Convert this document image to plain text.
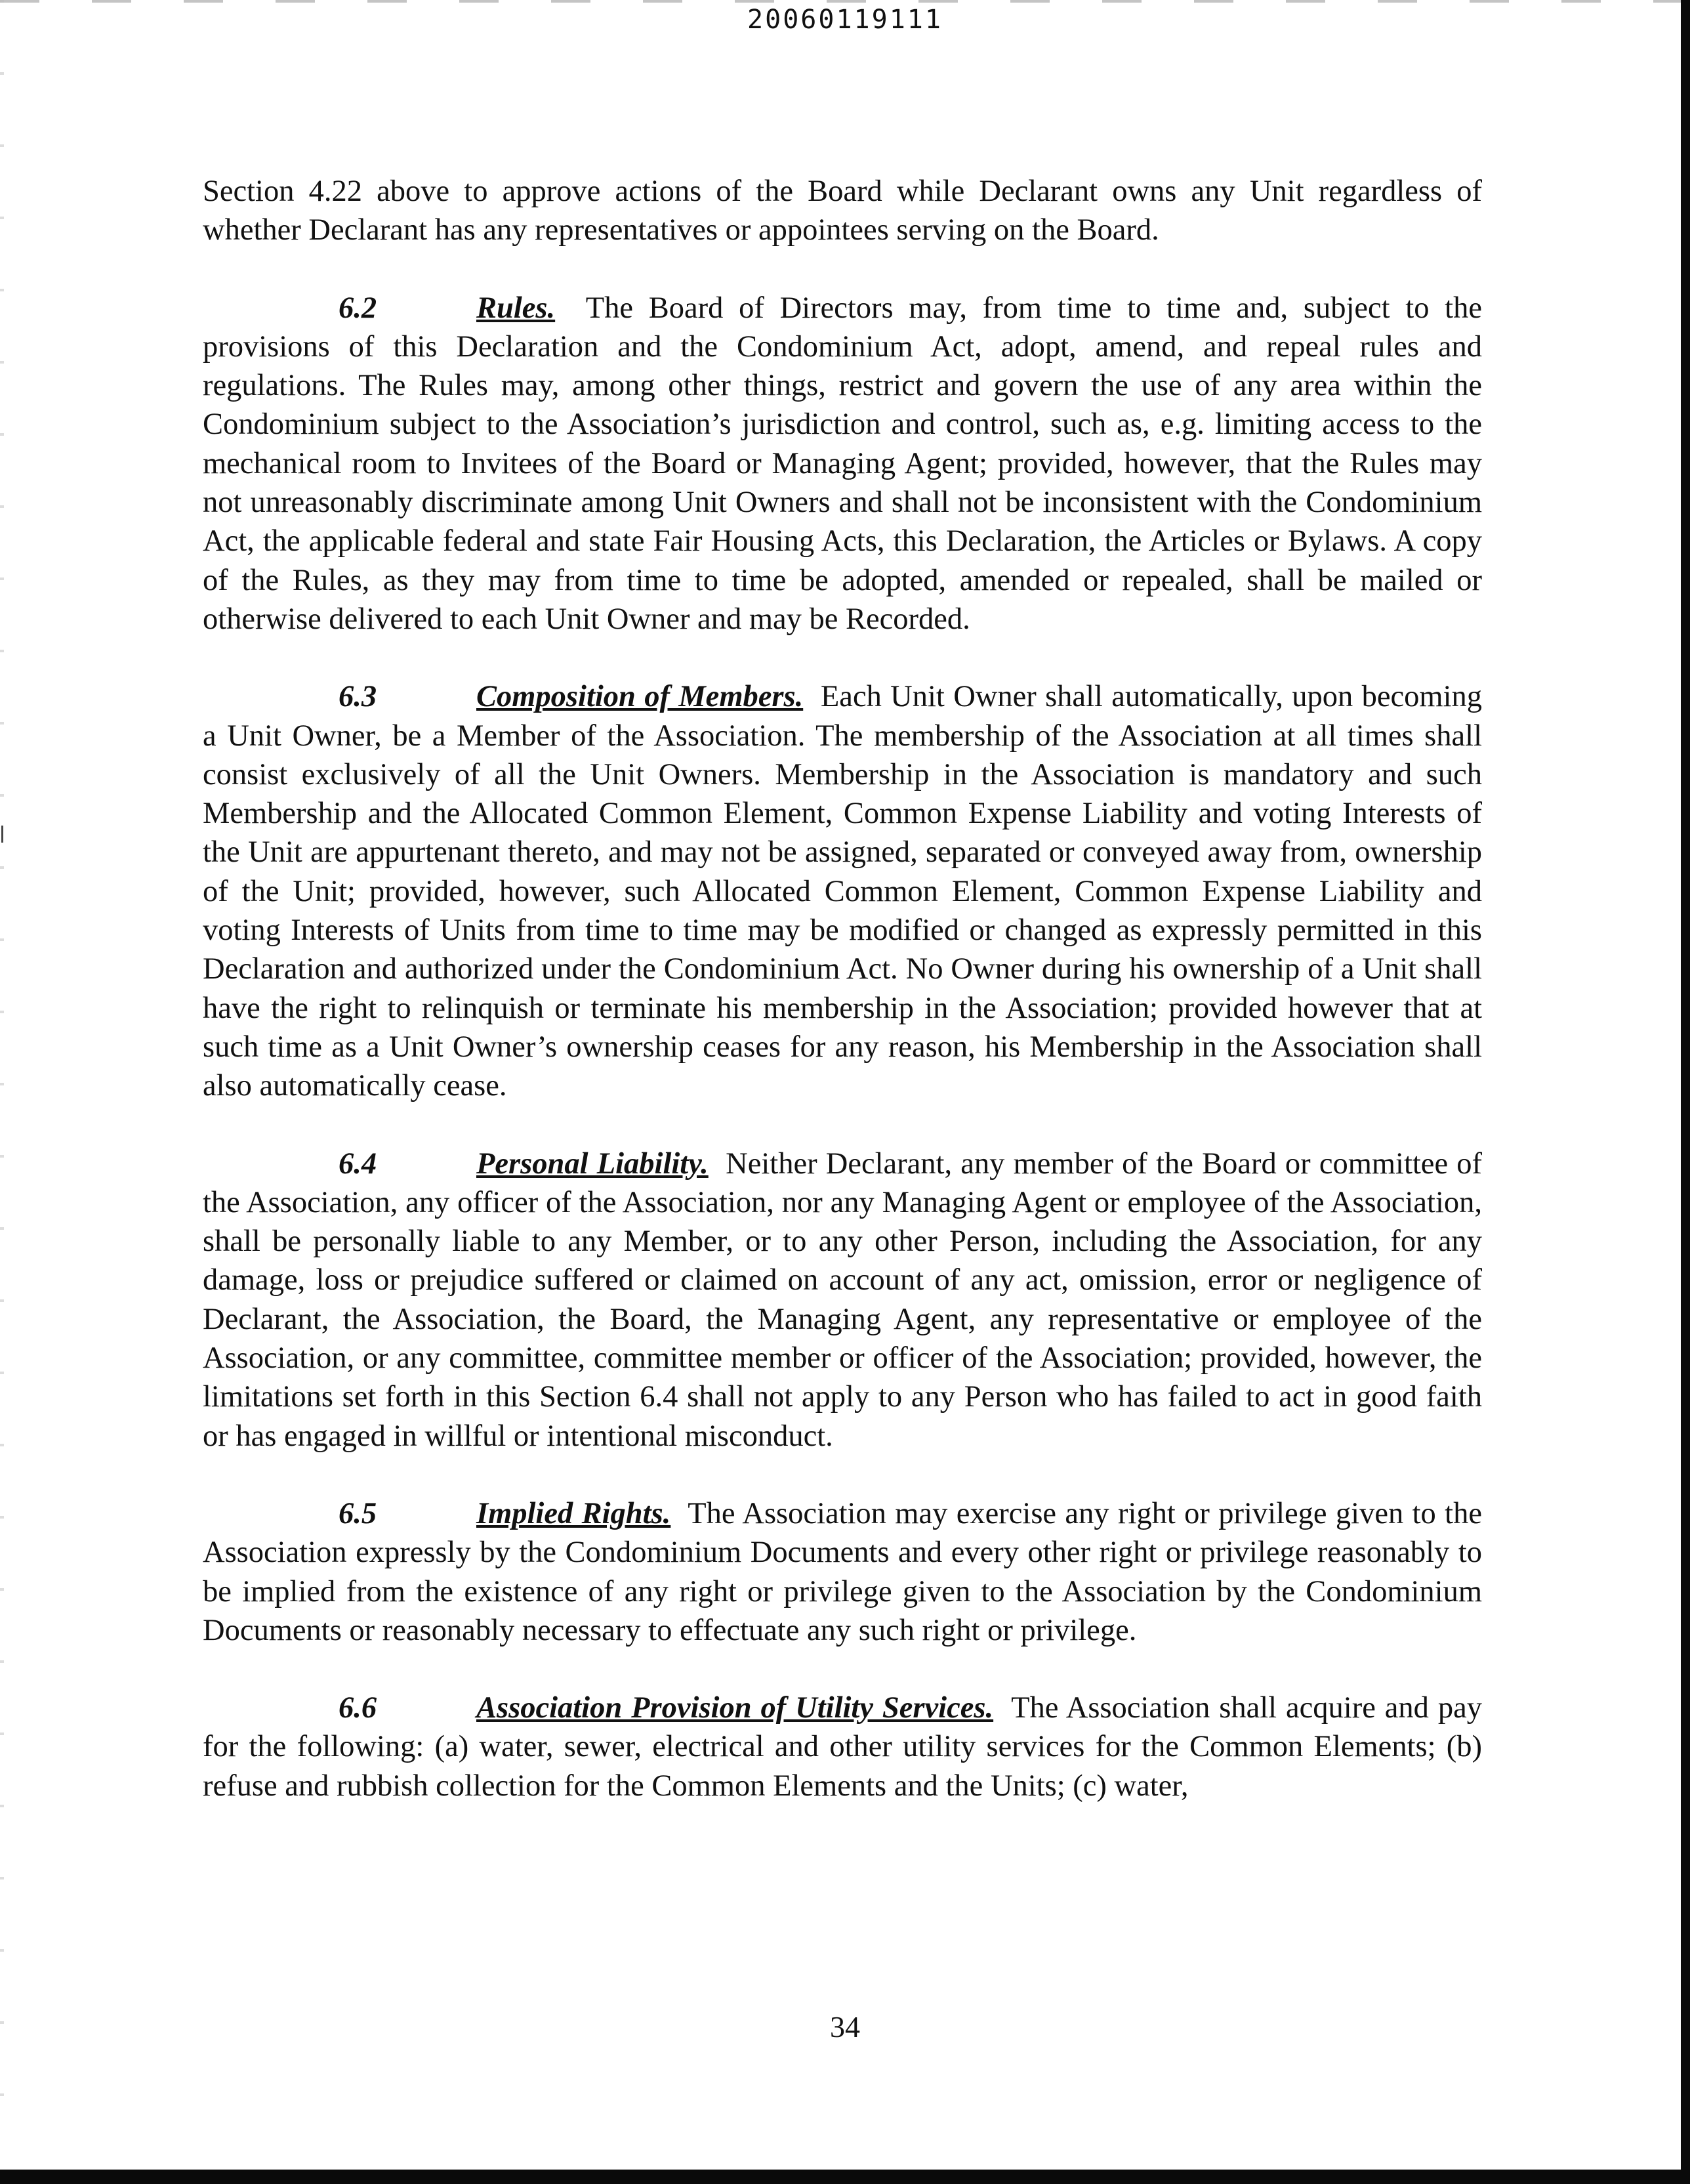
20060119111

Section 4.22 above to approve actions of the Board while Declarant owns any Unit regardless of whether Declarant has any representatives or appointees serving on the Board.

6.2	Rules. The Board of Directors may, from time to time and, subject to the provisions of this Declaration and the Condominium Act, adopt, amend, and repeal rules and regulations. The Rules may, among other things, restrict and govern the use of any area within the Condominium subject to the Association’s jurisdiction and control, such as, e.g. limiting access to the mechanical room to Invitees of the Board or Managing Agent; provided, however, that the Rules may not unreasonably discriminate among Unit Owners and shall not be inconsistent with the Condominium Act, the applicable federal and state Fair Housing Acts, this Declaration, the Articles or Bylaws. A copy of the Rules, as they may from time to time be adopted, amended or repealed, shall be mailed or otherwise delivered to each Unit Owner and may be Recorded.

6.3	Composition of Members. Each Unit Owner shall automatically, upon becoming a Unit Owner, be a Member of the Association. The membership of the Association at all times shall consist exclusively of all the Unit Owners. Membership in the Association is mandatory and such Membership and the Allocated Common Element, Common Expense Liability and voting Interests of the Unit are appurtenant thereto, and may not be assigned, separated or conveyed away from, ownership of the Unit; provided, however, such Allocated Common Element, Common Expense Liability and voting Interests of Units from time to time may be modified or changed as expressly permitted in this Declaration and authorized under the Condominium Act. No Owner during his ownership of a Unit shall have the right to relinquish or terminate his membership in the Association; provided however that at such time as a Unit Owner’s ownership ceases for any reason, his Membership in the Association shall also automatically cease.

6.4	Personal Liability. Neither Declarant, any member of the Board or committee of the Association, any officer of the Association, nor any Managing Agent or employee of the Association, shall be personally liable to any Member, or to any other Person, including the Association, for any damage, loss or prejudice suffered or claimed on account of any act, omission, error or negligence of Declarant, the Association, the Board, the Managing Agent, any representative or employee of the Association, or any committee, committee member or officer of the Association; provided, however, the limitations set forth in this Section 6.4 shall not apply to any Person who has failed to act in good faith or has engaged in willful or intentional misconduct.

6.5	Implied Rights. The Association may exercise any right or privilege given to the Association expressly by the Condominium Documents and every other right or privilege reasonably to be implied from the existence of any right or privilege given to the Association by the Condominium Documents or reasonably necessary to effectuate any such right or privilege.

6.6	Association Provision of Utility Services. The Association shall acquire and pay for the following: (a) water, sewer, electrical and other utility services for the Common Elements; (b) refuse and rubbish collection for the Common Elements and the Units; (c) water,

34
